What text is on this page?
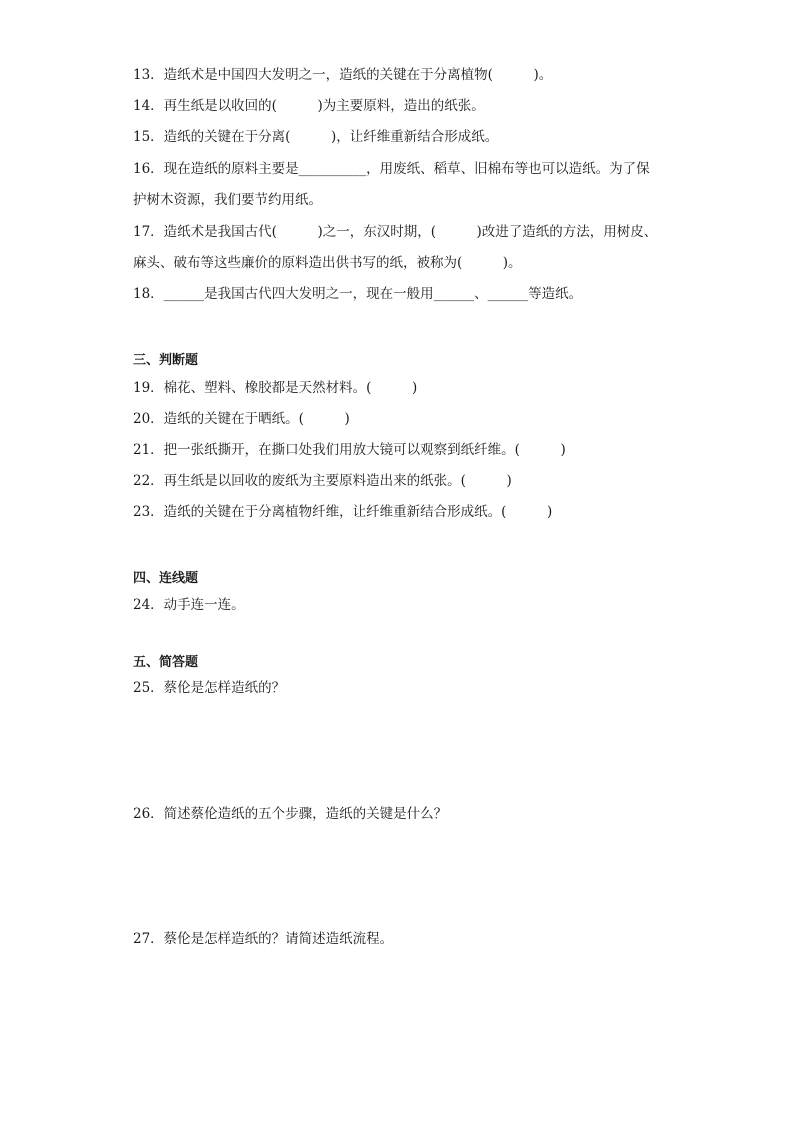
13．造纸术是中国四大发明之一，造纸的关键在于分离植物(　　　)。
14．再生纸是以收回的(　　　)为主要原料，造出的纸张。
15．造纸的关键在于分离(　　　)，让纤维重新结合形成纸。
16．现在造纸的原料主要是__________，用废纸、稻草、旧棉布等也可以造纸。为了保
护树木资源，我们要节约用纸。
17．造纸术是我国古代(　　　)之一，东汉时期，(　　　)改进了造纸的方法，用树皮、
麻头、破布等这些廉价的原料造出供书写的纸，被称为(　　　)。
18．______是我国古代四大发明之一，现在一般用______、______等造纸。
三、判断题
19．棉花、塑料、橡胶都是天然材料。(　　　)
20．造纸的关键在于晒纸。(　　　)
21．把一张纸撕开，在撕口处我们用放大镜可以观察到纸纤维。(　　　)
22．再生纸是以回收的废纸为主要原料造出来的纸张。(　　　)
23．造纸的关键在于分离植物纤维，让纤维重新结合形成纸。(　　　)
四、连线题
24．动手连一连。
五、简答题
25．蔡伦是怎样造纸的？
26．简述蔡伦造纸的五个步骤，造纸的关键是什么？
27．蔡伦是怎样造纸的？请简述造纸流程。
